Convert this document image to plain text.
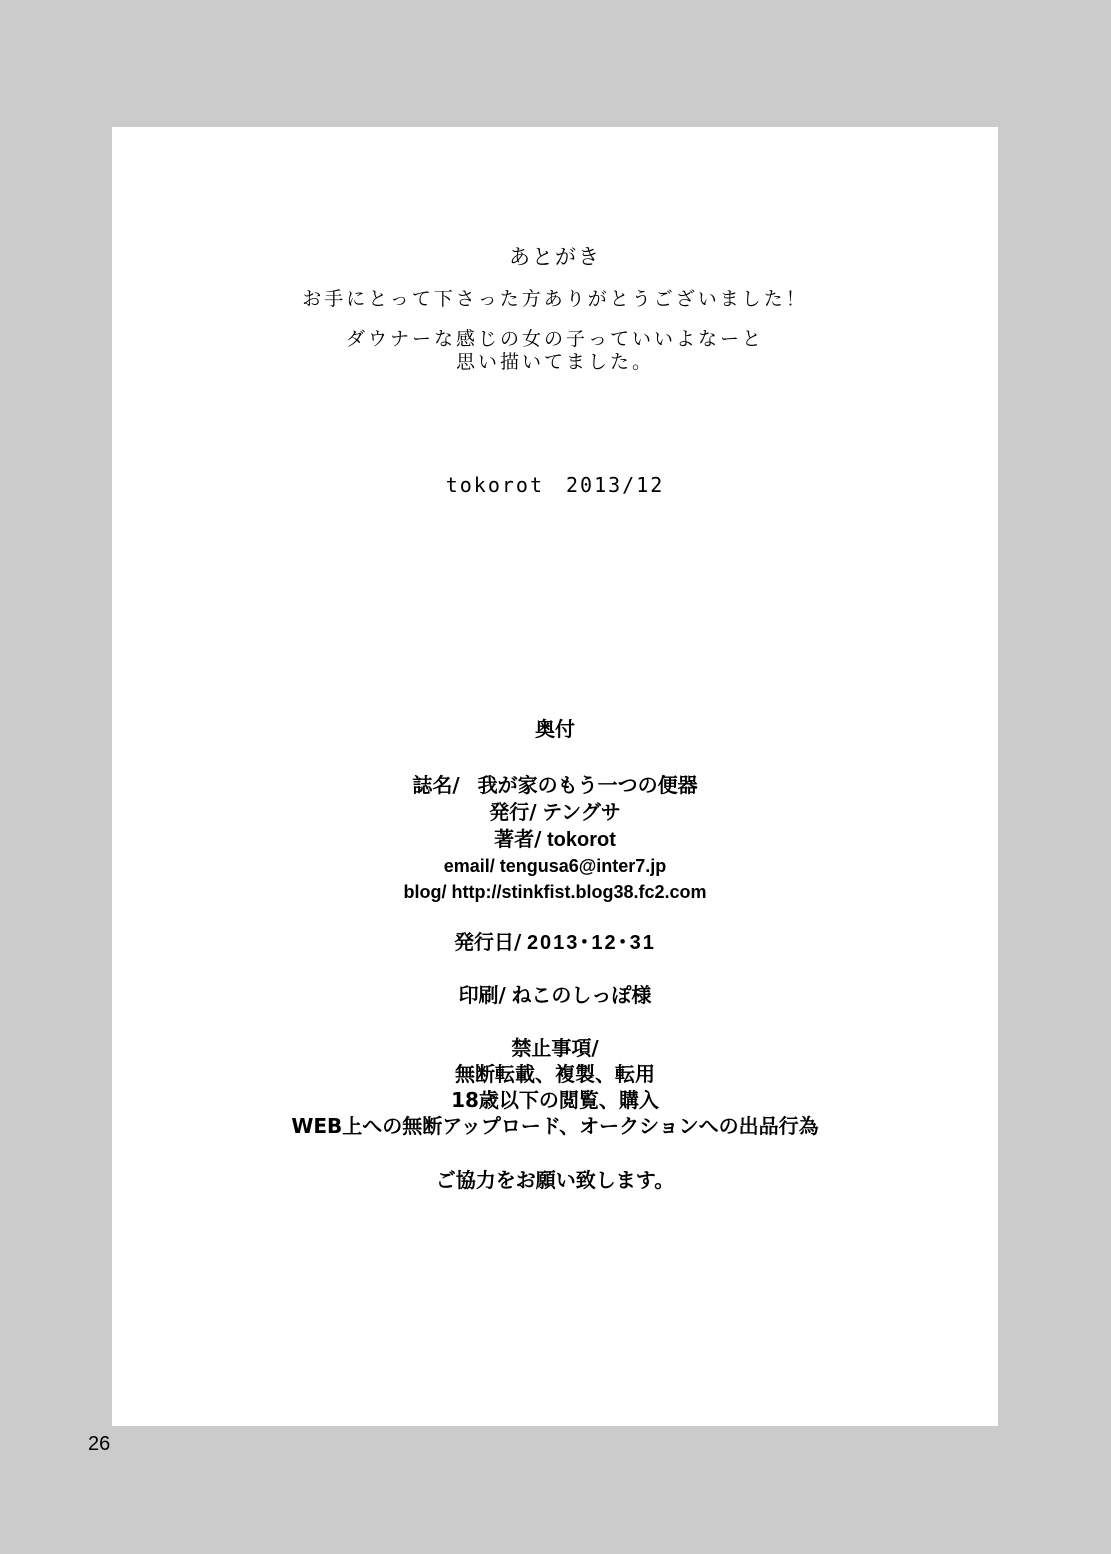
あとがき
お手にとって下さった方ありがとうございました！
ダウナーな感じの女の子っていいよなーと
思い描いてました。
tokorot　2013/12
奥付
誌名/ 我が家のもう一つの便器
発行/ テングサ
著者/ tokorot
email/ tengusa6@inter7.jp
blog/ http://stinkfist.blog38.fc2.com
発行日/ 2013･12･31
印刷/ ねこのしっぽ様
禁止事項/
無断転載、複製、転用
18歳以下の閲覧、購入
WEB上への無断アップロード、オークションへの出品行為
ご協力をお願い致します。
26
